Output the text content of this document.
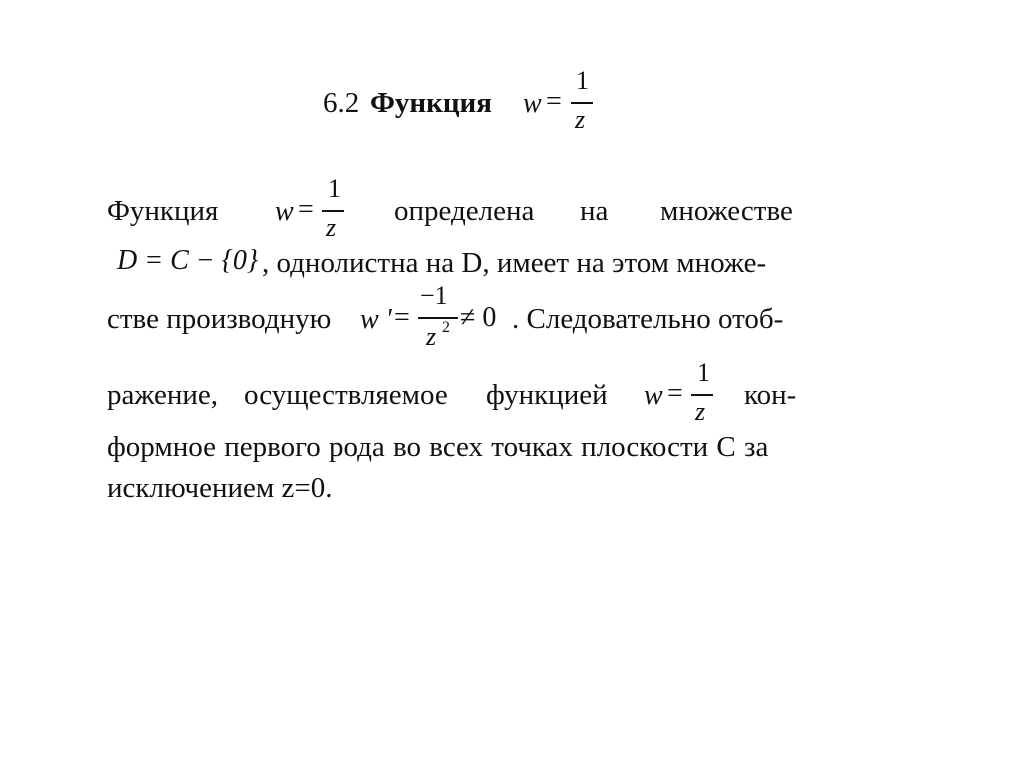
6.2 Функция w =
1
z
Функция w =
1
z
определена на множестве
D = C − {0} , однолистна на D, имеет на этом множе-
стве производную w ' =
−1
z 2 ≠ 0 . Следовательно отоб-
ражение, осуществляемое функцией w =
1
z
кон-
формное первого рода во всех точках плоскости C за
исключением z=0.
